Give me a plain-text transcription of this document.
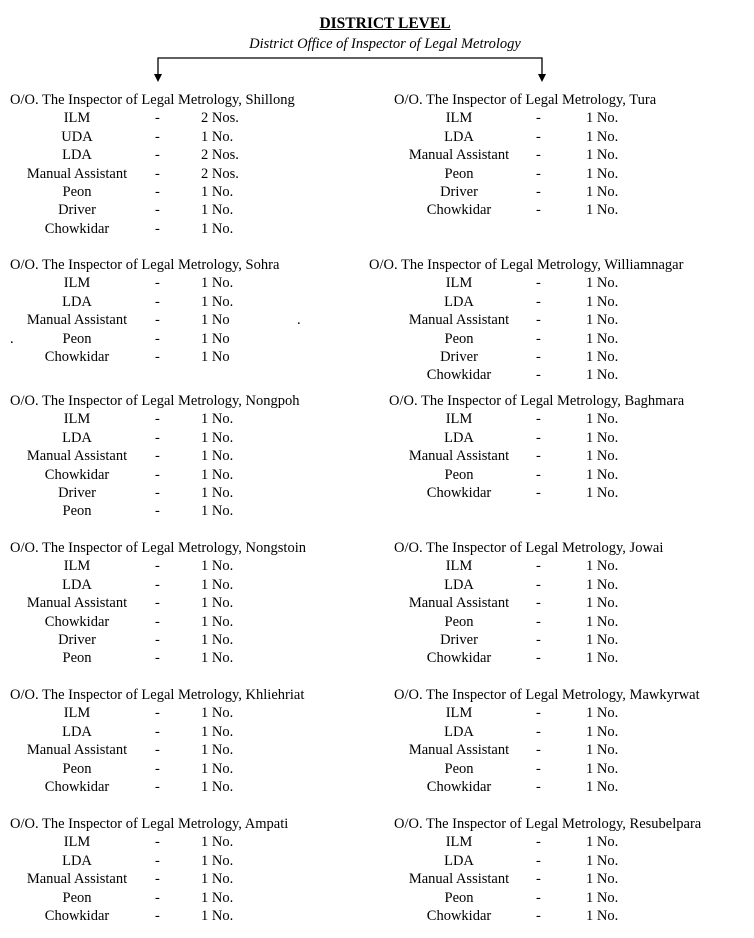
DISTRICT LEVEL
District Office of Inspector of Legal Metrology
O/O. The Inspector of Legal Metrology, Shillong
ILM	-	2 Nos.
UDA	-	1 No.
LDA	-	2 Nos.
Manual Assistant	-	2 Nos.
Peon	-	1 No.
Driver	-	1 No.
Chowkidar	-	1 No.
O/O. The Inspector of Legal Metrology, Tura
ILM	-	1 No.
LDA	-	1 No.
Manual Assistant	-	1 No.
Peon	-	1 No.
Driver	-	1 No.
Chowkidar	-	1 No.
O/O. The Inspector of Legal Metrology, Sohra
ILM	-	1 No.
LDA	-	1 No.
Manual Assistant	-	1 No
Peon	-	1 No
Chowkidar	-	1 No
O/O. The Inspector of Legal Metrology, Williamnagar
ILM	-	1 No.
LDA	-	1 No.
Manual Assistant	-	1 No.
Peon	-	1 No.
Driver	-	1 No.
Chowkidar	-	1 No.
O/O. The Inspector of Legal Metrology, Nongpoh
ILM	-	1 No.
LDA	-	1 No.
Manual Assistant	-	1 No.
Chowkidar	-	1 No.
Driver	-	1 No.
Peon	-	1 No.
O/O. The Inspector of Legal Metrology, Baghmara
ILM	-	1 No.
LDA	-	1 No.
Manual Assistant	-	1 No.
Peon	-	1 No.
Chowkidar	-	1 No.
O/O. The Inspector of Legal Metrology, Nongstoin
ILM	-	1 No.
LDA	-	1 No.
Manual Assistant	-	1 No.
Chowkidar	-	1 No.
Driver	-	1 No.
Peon	-	1 No.
O/O. The Inspector of Legal Metrology, Jowai
ILM	-	1 No.
LDA	-	1 No.
Manual Assistant	-	1 No.
Peon	-	1 No.
Driver	-	1 No.
Chowkidar	-	1 No.
O/O. The Inspector of Legal Metrology, Khliehriat
ILM	-	1 No.
LDA	-	1 No.
Manual Assistant	-	1 No.
Peon	-	1 No.
Chowkidar	-	1 No.
O/O. The Inspector of Legal Metrology, Mawkyrwat
ILM	-	1 No.
LDA	-	1 No.
Manual Assistant	-	1 No.
Peon	-	1 No.
Chowkidar	-	1 No.
O/O. The Inspector of Legal Metrology, Ampati
ILM	-	1 No.
LDA	-	1 No.
Manual Assistant	-	1 No.
Peon	-	1 No.
Chowkidar	-	1 No.
O/O. The Inspector of Legal Metrology, Resubelpara
ILM	-	1 No.
LDA	-	1 No.
Manual Assistant	-	1 No.
Peon	-	1 No.
Chowkidar	-	1 No.
.
.
